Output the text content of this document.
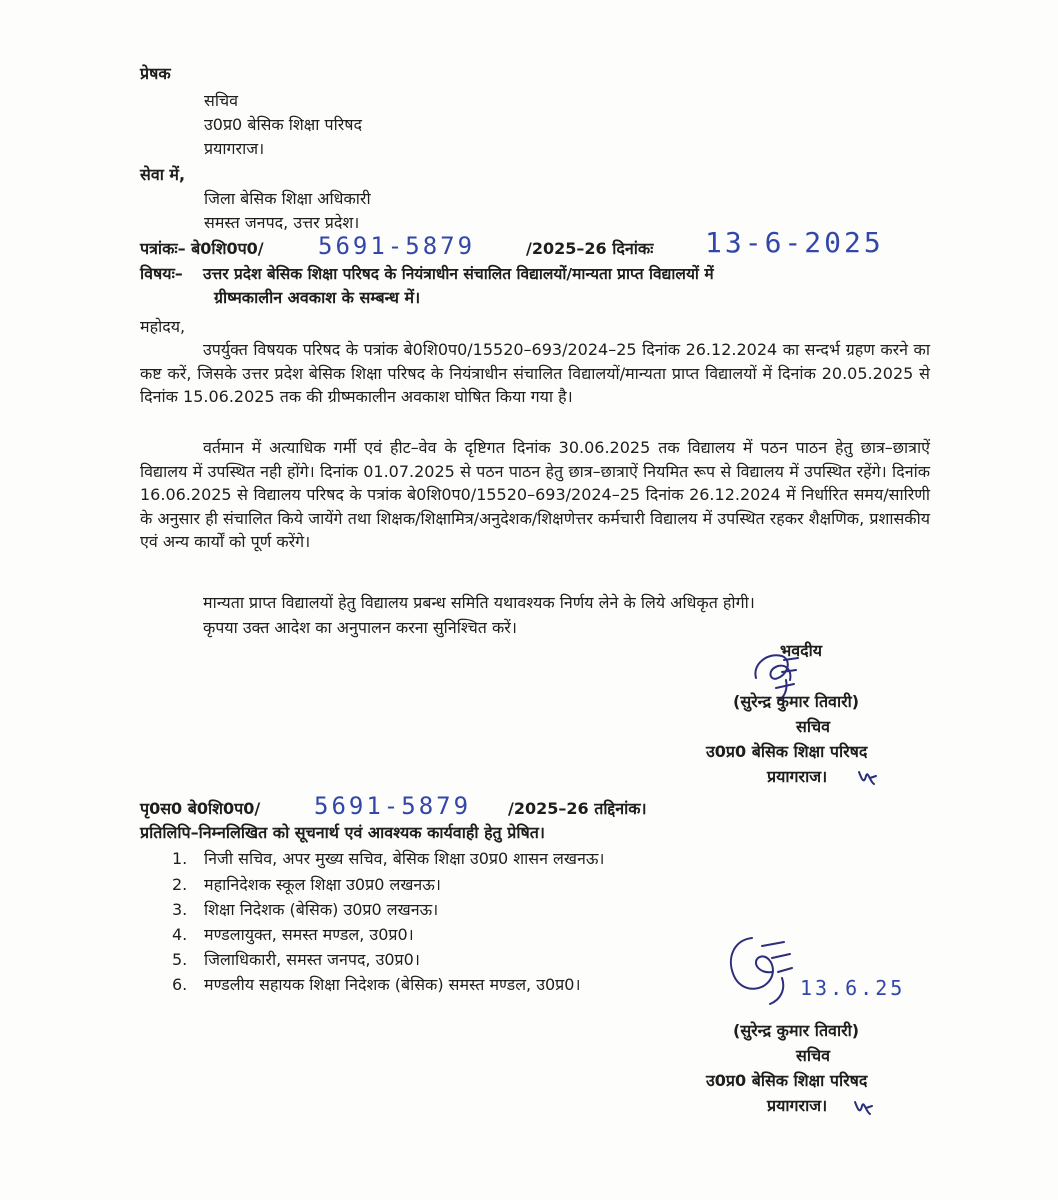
प्रेषक
सचिव
उ0प्र0 बेसिक शिक्षा परिषद
प्रयागराज।
सेवा में,
जिला बेसिक शिक्षा अधिकारी
समस्त जनपद, उत्तर प्रदेश।
पत्रांकः– बे0शि0प0/ 5691-5879	/2025–26 दिनांकः 13-6-2025
विषयः– उत्तर प्रदेश बेसिक शिक्षा परिषद के नियंत्राधीन संचालित विद्यालयों/मान्यता प्राप्त विद्यालयों में
ग्रीष्मकालीन अवकाश के सम्बन्ध में।
महोदय,
उपर्युक्त विषयक परिषद के पत्रांक बे0शि0प0/15520–693/2024–25 दिनांक 26.12.2024 का सन्दर्भ ग्रहण करने का कष्ट करें, जिसके उत्तर प्रदेश बेसिक शिक्षा परिषद के नियंत्राधीन संचालित विद्यालयों/मान्यता प्राप्त विद्यालयों में दिनांक 20.05.2025 से दिनांक 15.06.2025 तक की ग्रीष्मकालीन अवकाश घोषित किया गया है।
वर्तमान में अत्याधिक गर्मी एवं हीट–वेव के दृष्टिगत दिनांक 30.06.2025 तक विद्यालय में पठन पाठन हेतु छात्र–छात्राऐं विद्यालय में उपस्थित नही होंगे। दिनांक 01.07.2025 से पठन पाठन हेतु छात्र–छात्राऐं नियमित रूप से विद्यालय में उपस्थित रहेंगे। दिनांक 16.06.2025 से विद्यालय परिषद के पत्रांक बे0शि0प0/15520–693/2024–25 दिनांक 26.12.2024 में निर्धारित समय/सारिणी के अनुसार ही संचालित किये जायेंगे तथा शिक्षक/शिक्षामित्र/अनुदेशक/शिक्षणेत्तर कर्मचारी विद्यालय में उपस्थित रहकर शैक्षणिक, प्रशासकीय एवं अन्य कार्यों को पूर्ण करेंगे।
मान्यता प्राप्त विद्यालयों हेतु विद्यालय प्रबन्ध समिति यथावश्यक निर्णय लेने के लिये अधिकृत होगी।
कृपया उक्त आदेश का अनुपालन करना सुनिश्चित करें।
भवदीय
(सुरेन्द्र कुमार तिवारी)
सचिव
उ0प्र0 बेसिक शिक्षा परिषद
प्रयागराज।
पृ0स0 बे0शि0प0/ 5691-5879 /2025–26 तद्दिनांक।
प्रतिलिपि–निम्नलिखित को सूचनार्थ एवं आवश्यक कार्यवाही हेतु प्रेषित।
1. निजी सचिव, अपर मुख्य सचिव, बेसिक शिक्षा उ0प्र0 शासन लखनऊ।
2. महानिदेशक स्कूल शिक्षा उ0प्र0 लखनऊ।
3. शिक्षा निदेशक (बेसिक) उ0प्र0 लखनऊ।
4. मण्डलायुक्त, समस्त मण्डल, उ0प्र0।
5. जिलाधिकारी, समस्त जनपद, उ0प्र0।
6. मण्डलीय सहायक शिक्षा निदेशक (बेसिक) समस्त मण्डल, उ0प्र0।	13.6.25
(सुरेन्द्र कुमार तिवारी)
सचिव
उ0प्र0 बेसिक शिक्षा परिषद
प्रयागराज।
